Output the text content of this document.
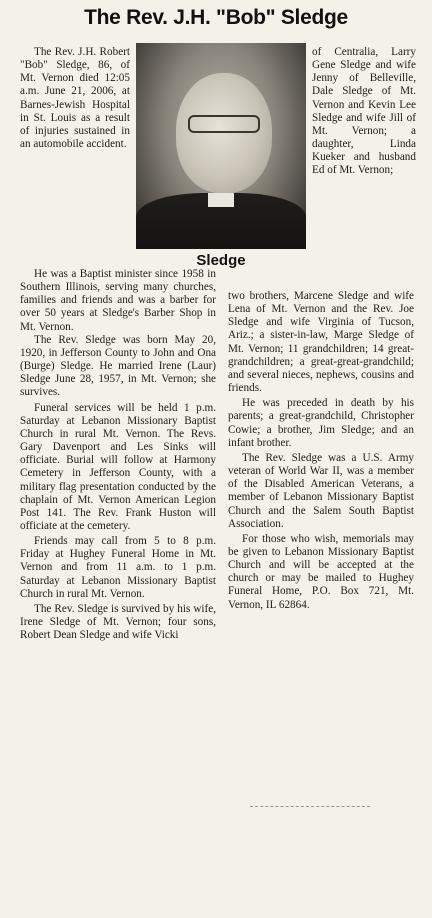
The Rev. J.H. "Bob" Sledge
Sledge

The Rev. J.H. Robert "Bob" Sledge, 86, of Mt. Vernon died 12:05 a.m. June 21, 2006, at Barnes-Jewish Hospital in St. Louis as a result of injuries sustained in an automobile accident.

He was a Baptist minister since 1958 in Southern Illinois, serving many churches, families and friends and was a barber for over 50 years at Sledge's Barber Shop in Mt. Vernon.

The Rev. Sledge was born May 20, 1920, in Jefferson County to John and Ona (Burge) Sledge. He married Irene (Laur) Sledge June 28, 1957, in Mt. Vernon; she survives.

Funeral services will be held 1 p.m. Saturday at Lebanon Missionary Baptist Church in rural Mt. Vernon. The Revs. Gary Davenport and Les Sinks will officiate. Burial will follow at Harmony Cemetery in Jefferson County, with a military flag presentation conducted by the chaplain of Mt. Vernon American Legion Post 141. The Rev. Frank Huston will officiate at the cemetery.

Friends may call from 5 to 8 p.m. Friday at Hughey Funeral Home in Mt. Vernon and from 11 a.m. to 1 p.m. Saturday at Lebanon Missionary Baptist Church in rural Mt. Vernon.

The Rev. Sledge is survived by his wife, Irene Sledge of Mt. Vernon; four sons, Robert Dean Sledge and wife Vicki

of Centralia, Larry Gene Sledge and wife Jenny of Belleville, Dale Sledge of Mt. Vernon and Kevin Lee Sledge and wife Jill of Mt. Vernon; a daughter, Linda Kueker and husband Ed of Mt. Vernon;

two brothers, Marcene Sledge and wife Lena of Mt. Vernon and the Rev. Joe Sledge and wife Virginia of Tucson, Ariz.; a sister-in-law, Marge Sledge of Mt. Vernon; 11 grandchildren; 14 great-grandchildren; a great-great-grandchild; and several nieces, nephews, cousins and friends.

He was preceded in death by his parents; a great-grandchild, Christopher Cowie; a brother, Jim Sledge; and an infant brother.

The Rev. Sledge was a U.S. Army veteran of World War II, was a member of the Disabled American Veterans, a member of Lebanon Missionary Baptist Church and the Salem South Baptist Association.

For those who wish, memorials may be given to Lebanon Missionary Baptist Church and will be accepted at the church or may be mailed to Hughey Funeral Home, P.O. Box 721, Mt. Vernon, IL 62864.
